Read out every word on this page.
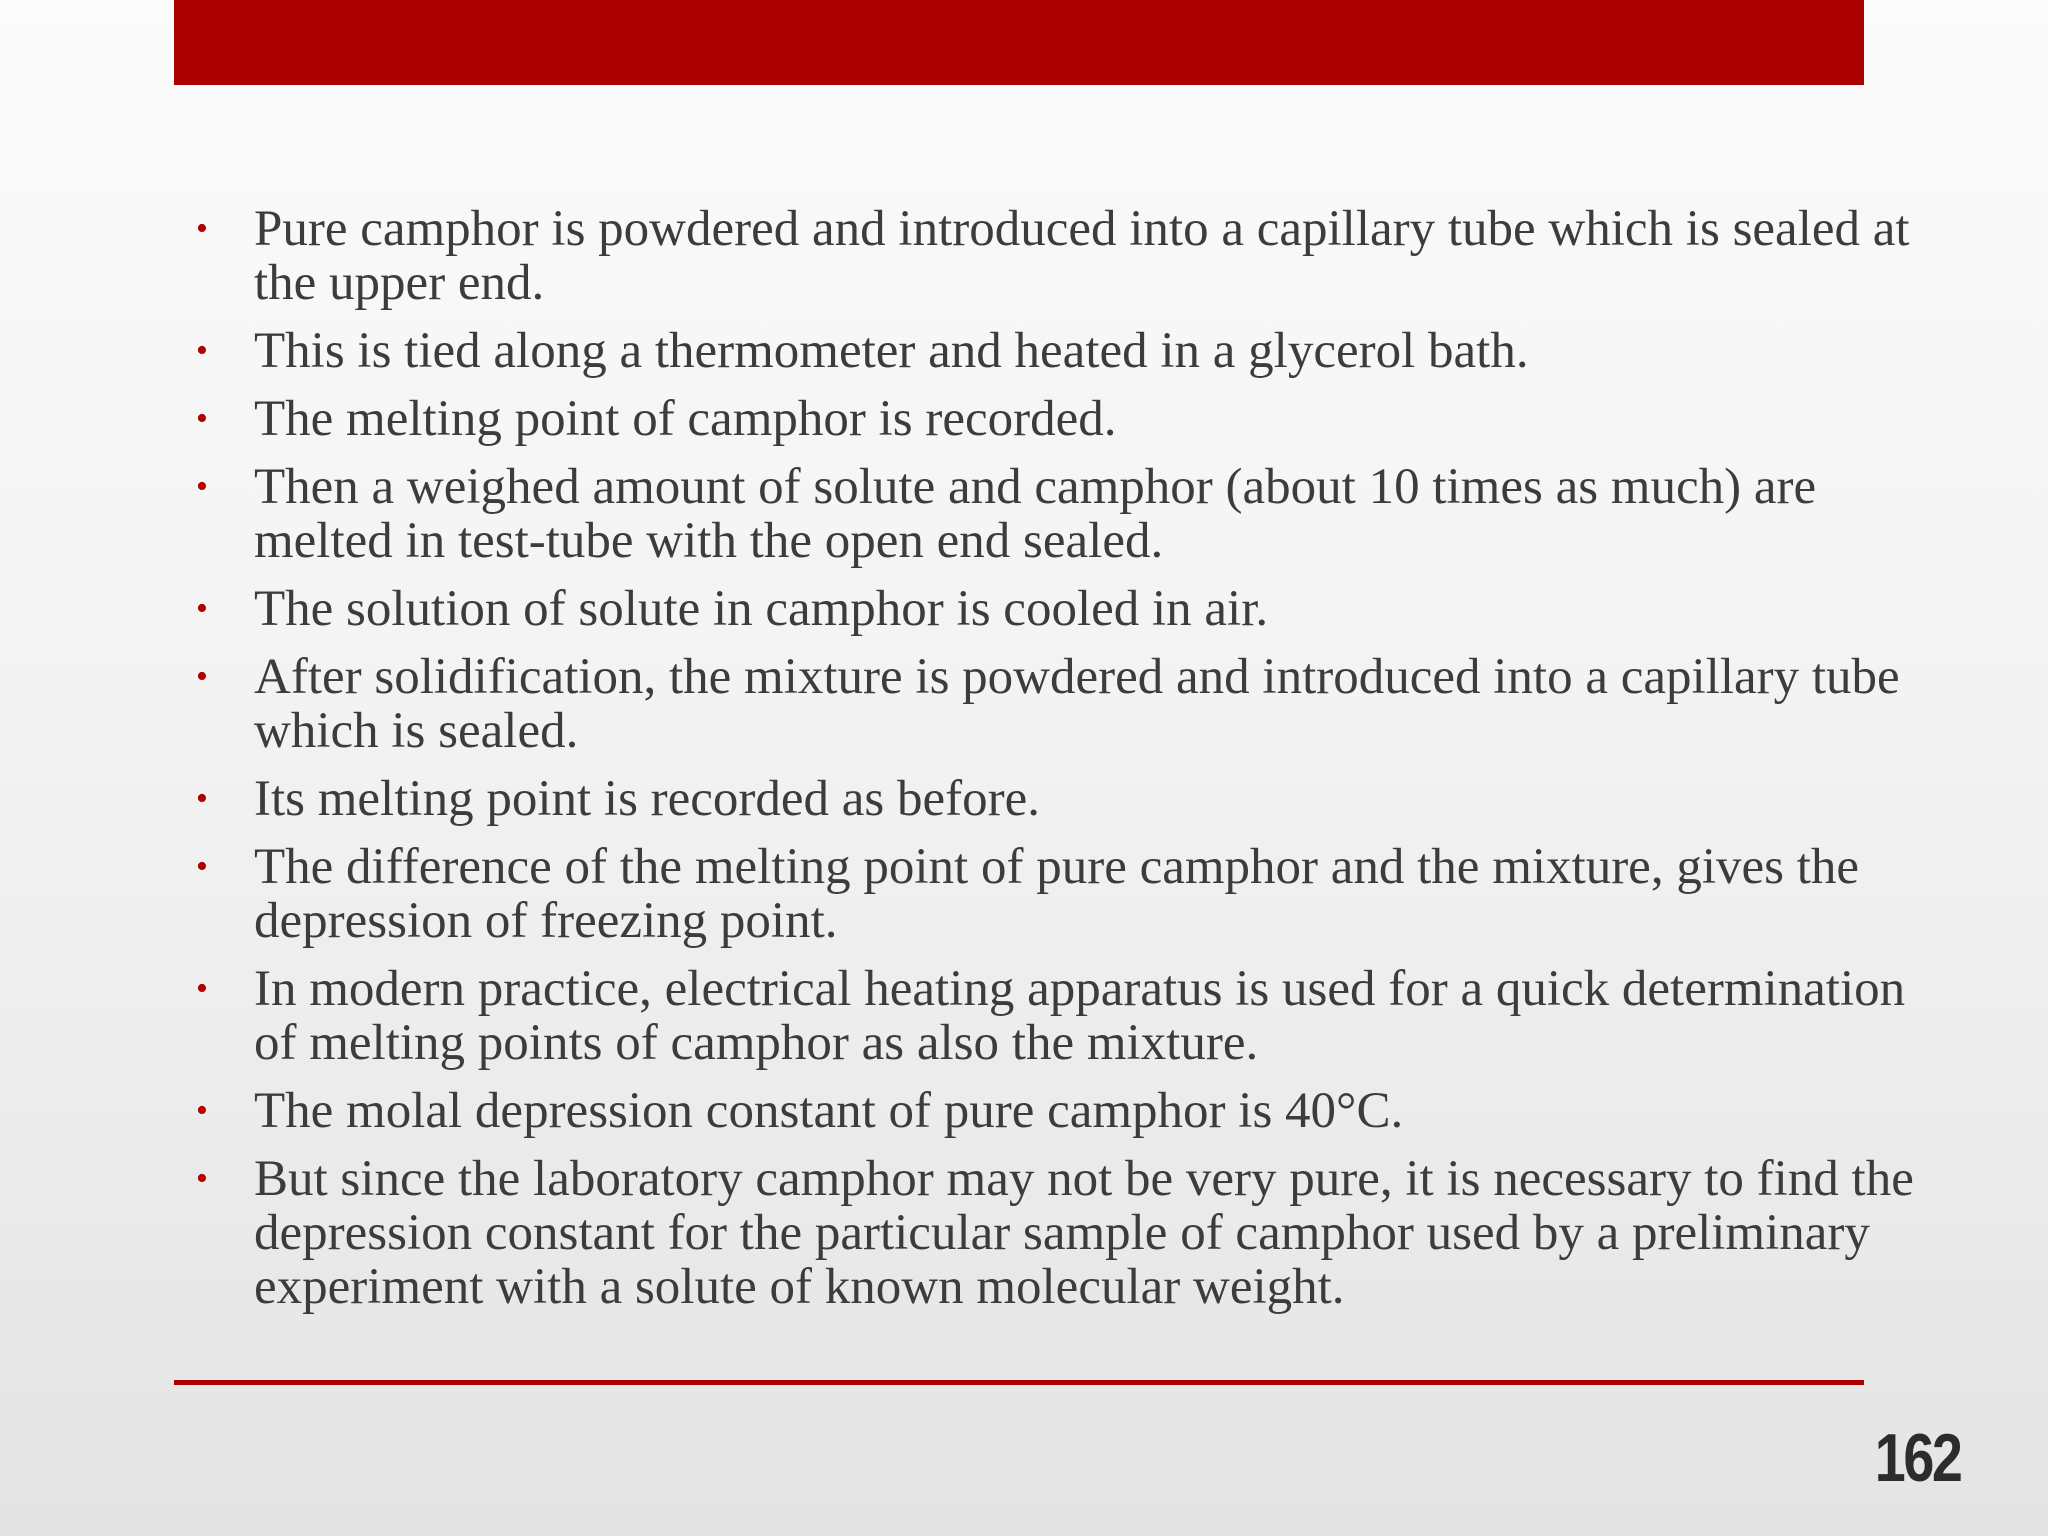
• Pure camphor is powdered and introduced into a capillary tube which is sealed at the upper end.
• This is tied along a thermometer and heated in a glycerol bath.
• The melting point of camphor is recorded.
• Then a weighed amount of solute and camphor (about 10 times as much) are melted in test-tube with the open end sealed.
• The solution of solute in camphor is cooled in air.
• After solidification, the mixture is powdered and introduced into a capillary tube which is sealed.
• Its melting point is recorded as before.
• The difference of the melting point of pure camphor and the mixture, gives the depression of freezing point.
• In modern practice, electrical heating apparatus is used for a quick determination of melting points of camphor as also the mixture.
• The molal depression constant of pure camphor is 40°C.
• But since the laboratory camphor may not be very pure, it is necessary to find the depression constant for the particular sample of camphor used by a preliminary experiment with a solute of known molecular weight.
162
